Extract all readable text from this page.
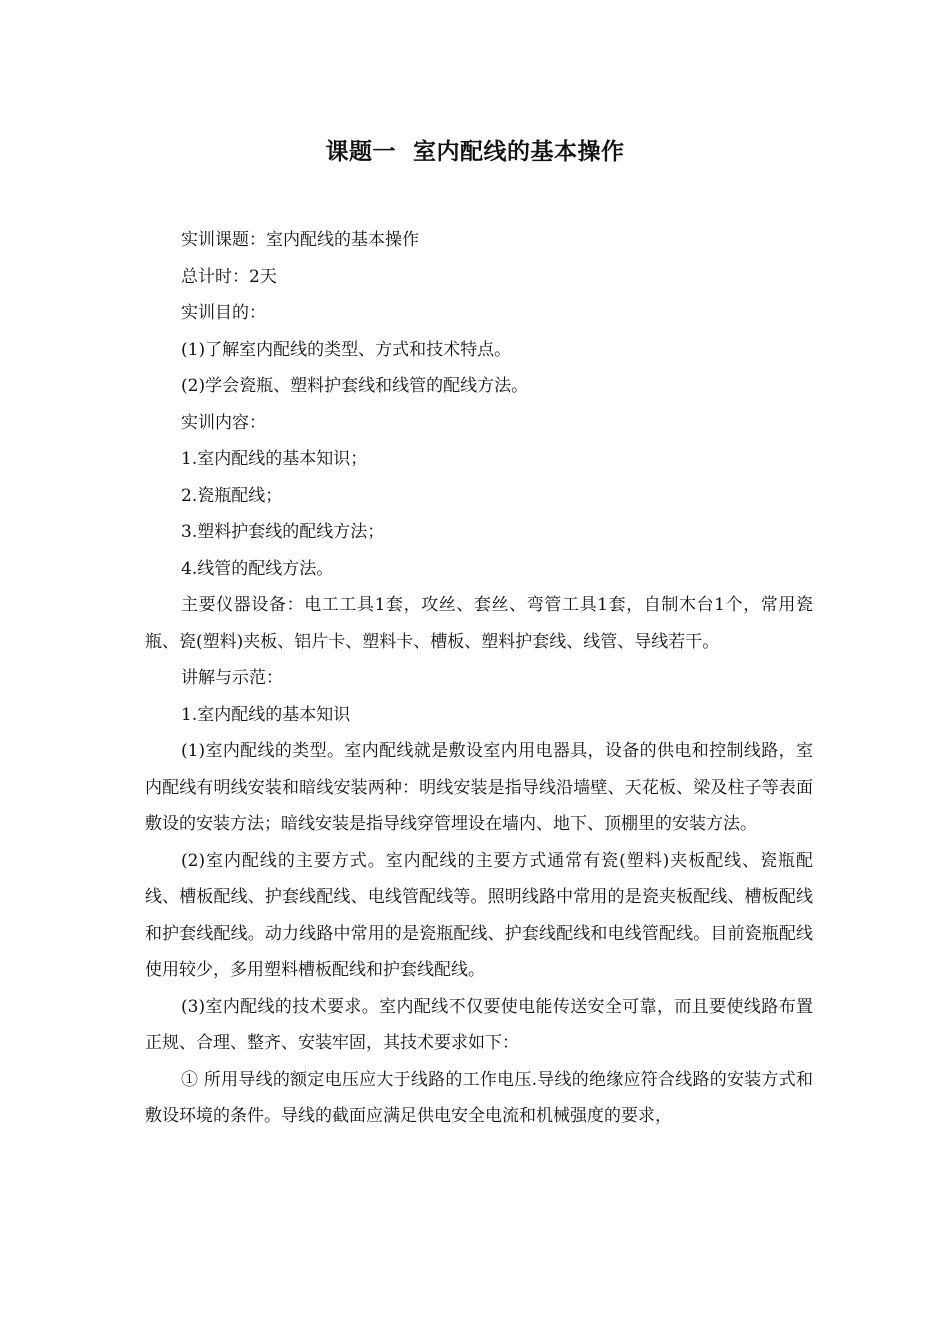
课题一  室内配线的基本操作

实训课题：室内配线的基本操作

总计时：2天

实训目的：

(1)了解室内配线的类型、方式和技术特点。

(2)学会瓷瓶、塑料护套线和线管的配线方法。

实训内容：

1.室内配线的基本知识；

2.瓷瓶配线；

3.塑料护套线的配线方法；

4.线管的配线方法。

主要仪器设备：电工工具1套，攻丝、套丝、弯管工具1套，自制木台1个，常用瓷瓶、瓷(塑料)夹板、铝片卡、塑料卡、槽板、塑料护套线、线管、导线若干。

讲解与示范：

1.室内配线的基本知识

(1)室内配线的类型。室内配线就是敷设室内用电器具，设备的供电和控制线路，室内配线有明线安装和暗线安装两种：明线安装是指导线沿墙壁、天花板、梁及柱子等表面敷设的安装方法；暗线安装是指导线穿管埋设在墙内、地下、顶棚里的安装方法。

(2)室内配线的主要方式。室内配线的主要方式通常有瓷(塑料)夹板配线、瓷瓶配线、槽板配线、护套线配线、电线管配线等。照明线路中常用的是瓷夹板配线、槽板配线和护套线配线。动力线路中常用的是瓷瓶配线、护套线配线和电线管配线。目前瓷瓶配线使用较少，多用塑料槽板配线和护套线配线。

(3)室内配线的技术要求。室内配线不仅要使电能传送安全可靠，而且要使线路布置正规、合理、整齐、安装牢固，其技术要求如下：

① 所用导线的额定电压应大于线路的工作电压.导线的绝缘应符合线路的安装方式和敷设环境的条件。导线的截面应满足供电安全电流和机械强度的要求，
